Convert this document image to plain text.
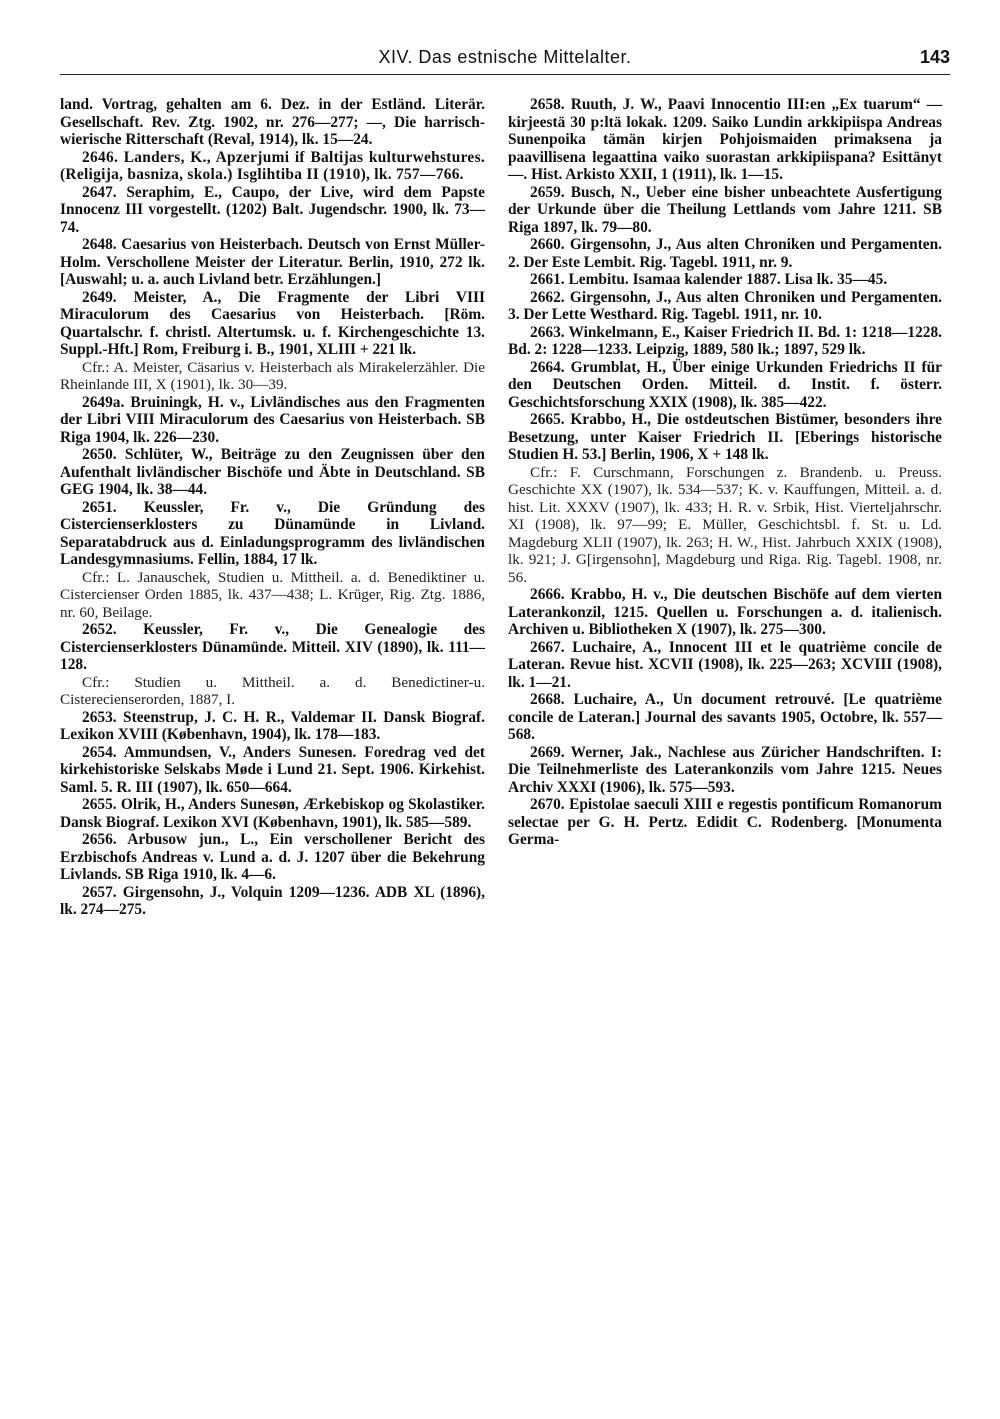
XIV. Das estnische Mittelalter.	143

land. Vortrag, gehalten am 6. Dez. in der Estländ. Literär. Gesellschaft. Rev. Ztg. 1902, nr. 276—277; —, Die harrisch-wierische Ritterschaft (Reval, 1914), lk. 15—24.

2646. Landers, K., Apzerjumi if Baltijas kulturwehstures. (Religija, basniza, skola.) Isglihtiba II (1910), lk. 757—766.

2647. Seraphim, E., Caupo, der Live, wird dem Papste Innocenz III vorgestellt. (1202) Balt. Jugendschr. 1900, lk. 73—74.

2648. Caesarius von Heisterbach. Deutsch von Ernst Müller-Holm. Verschollene Meister der Literatur. Berlin, 1910, 272 lk. [Auswahl; u. a. auch Livland betr. Erzählungen.]

2649. Meister, A., Die Fragmente der Libri VIII Miraculorum des Caesarius von Heisterbach. [Röm. Quartalschr. f. christl. Altertumsk. u. f. Kirchengeschichte 13. Suppl.-Hft.] Rom, Freiburg i. B., 1901, XLIII + 221 lk.

Cfr.: A. Meister, Cäsarius v. Heisterbach als Mirakelerzähler. Die Rheinlande III, X (1901), lk. 30—39.

2649a. Bruiningk, H. v., Livländisches aus den Fragmenten der Libri VIII Miraculorum des Caesarius von Heisterbach. SB Riga 1904, lk. 226—230.

2650. Schlüter, W., Beiträge zu den Zeugnissen über den Aufenthalt livländischer Bischöfe und Äbte in Deutschland. SB GEG 1904, lk. 38—44.

2651. Keussler, Fr. v., Die Gründung des Cistercienserklosters zu Dünamünde in Livland. Separatabdruck aus d. Einladungsprogramm des livländischen Landesgymnasiums. Fellin, 1884, 17 lk.

Cfr.: L. Janauschek, Studien u. Mittheil. a. d. Benediktiner u. Cistercienser Orden 1885, lk. 437—438; L. Krüger, Rig. Ztg. 1886, nr. 60, Beilage.

2652. Keussler, Fr. v., Die Genealogie des Cistercienserklosters Dünamünde. Mitteil. XIV (1890), lk. 111—128.

Cfr.: Studien u. Mittheil. a. d. Benedictiner-u. Cisterecienserorden, 1887, I.

2653. Steenstrup, J. C. H. R., Valdemar II. Dansk Biograf. Lexikon XVIII (København, 1904), lk. 178—183.

2654. Ammundsen, V., Anders Sunesen. Foredrag ved det kirkehistoriske Selskabs Møde i Lund 21. Sept. 1906. Kirkehist. Saml. 5. R. III (1907), lk. 650—664.

2655. Olrik, H., Anders Sunesøn, Ærkebiskop og Skolastiker. Dansk Biograf. Lexikon XVI (København, 1901), lk. 585—589.

2656. Arbusow jun., L., Ein verschollener Bericht des Erzbischofs Andreas v. Lund a. d. J. 1207 über die Bekehrung Livlands. SB Riga 1910, lk. 4—6.

2657. Girgensohn, J., Volquin 1209—1236. ADB XL (1896), lk. 274—275.

2658. Ruuth, J. W., Paavi Innocentio III:en „Ex tuarum“ — kirjeestä 30 p:ltä lokak. 1209. Saiko Lundin arkkipiispa Andreas Sunenpoika tämän kirjen Pohjoismaiden primaksena ja paavillisena legaattina vaiko suorastan arkkipiispana? Esittänyt —. Hist. Arkisto XXII, 1 (1911), lk. 1—15.

2659. Busch, N., Ueber eine bisher unbeachtete Ausfertigung der Urkunde über die Theilung Lettlands vom Jahre 1211. SB Riga 1897, lk. 79—80.

2660. Girgensohn, J., Aus alten Chroniken und Pergamenten. 2. Der Este Lembit. Rig. Tagebl. 1911, nr. 9.

2661. Lembitu. Isamaa kalender 1887. Lisa lk. 35—45.

2662. Girgensohn, J., Aus alten Chroniken und Pergamenten. 3. Der Lette Westhard. Rig. Tagebl. 1911, nr. 10.

2663. Winkelmann, E., Kaiser Friedrich II. Bd. 1: 1218—1228. Bd. 2: 1228—1233. Leipzig, 1889, 580 lk.; 1897, 529 lk.

2664. Grumblat, H., Über einige Urkunden Friedrichs II für den Deutschen Orden. Mitteil. d. Instit. f. österr. Geschichtsforschung XXIX (1908), lk. 385—422.

2665. Krabbo, H., Die ostdeutschen Bistümer, besonders ihre Besetzung, unter Kaiser Friedrich II. [Eberings historische Studien H. 53.] Berlin, 1906, X + 148 lk.

Cfr.: F. Curschmann, Forschungen z. Brandenb. u. Preuss. Geschichte XX (1907), lk. 534—537; K. v. Kauffungen, Mitteil. a. d. hist. Lit. XXXV (1907), lk. 433; H. R. v. Srbik, Hist. Vierteljahrschr. XI (1908), lk. 97—99; E. Müller, Geschichtsbl. f. St. u. Ld. Magdeburg XLII (1907), lk. 263; H. W., Hist. Jahrbuch XXIX (1908), lk. 921; J. G[irgensohn], Magdeburg und Riga. Rig. Tagebl. 1908, nr. 56.

2666. Krabbo, H. v., Die deutschen Bischöfe auf dem vierten Laterankonzil, 1215. Quellen u. Forschungen a. d. italienisch. Archiven u. Bibliotheken X (1907), lk. 275—300.

2667. Luchaire, A., Innocent III et le quatrième concile de Lateran. Revue hist. XCVII (1908), lk. 225—263; XCVIII (1908), lk. 1—21.

2668. Luchaire, A., Un document retrouvé. [Le quatrième concile de Lateran.] Journal des savants 1905, Octobre, lk. 557—568.

2669. Werner, Jak., Nachlese aus Züricher Handschriften. I: Die Teilnehmerliste des Laterankonzils vom Jahre 1215. Neues Archiv XXXI (1906), lk. 575—593.

2670. Epistolae saeculi XIII e regestis pontificum Romanorum selectae per G. H. Pertz. Edidit C. Rodenberg. [Monumenta Germa-
